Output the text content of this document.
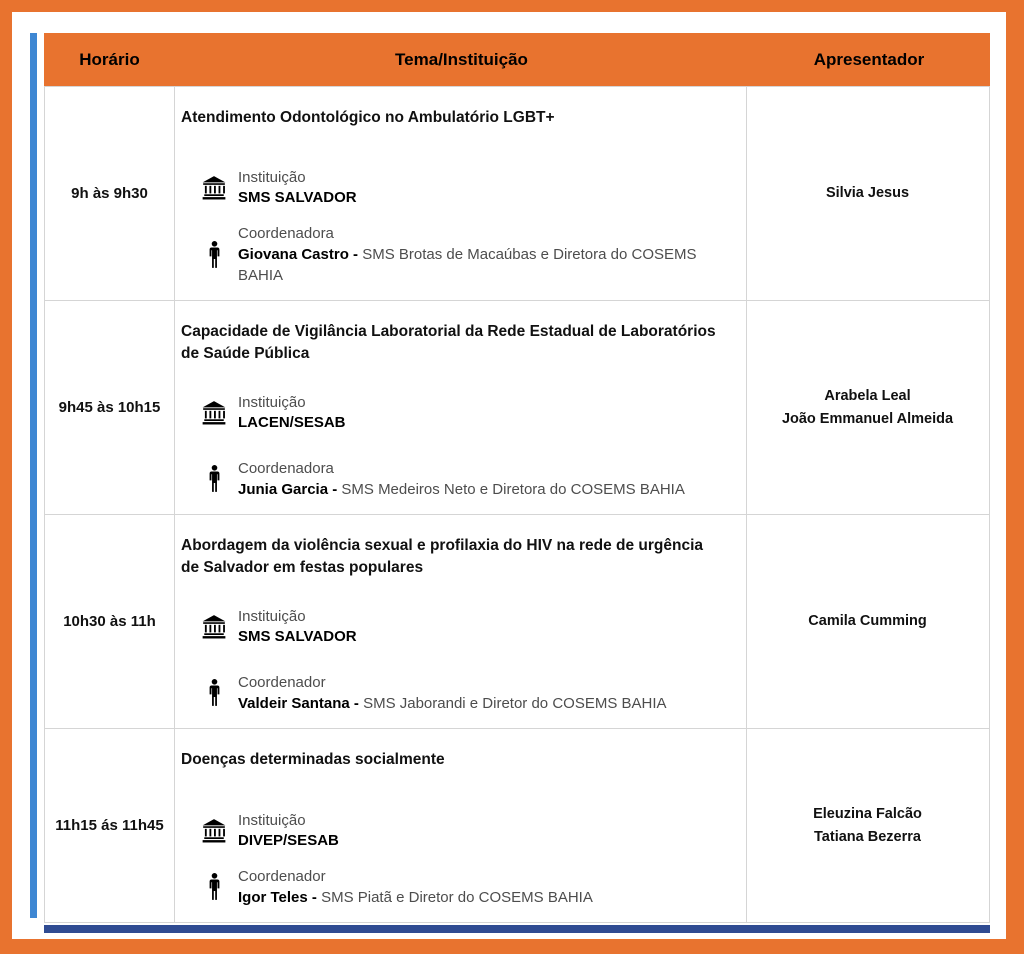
Horário	Tema/Instituição	Apresentador
9h às 9h30
Atendimento Odontológico no Ambulatório LGBT+
Instituição
SMS SALVADOR
Coordenadora
Giovana Castro - SMS Brotas de Macaúbas e Diretora do COSEMS BAHIA
Silvia Jesus
9h45 às 10h15
Capacidade de Vigilância Laboratorial da Rede Estadual de Laboratórios de Saúde Pública
Instituição
LACEN/SESAB
Coordenadora
Junia Garcia - SMS Medeiros Neto e Diretora do COSEMS BAHIA
Arabela Leal
João Emmanuel Almeida
10h30 às 11h
Abordagem da violência sexual e profilaxia do HIV na rede de urgência de Salvador em festas populares
Instituição
SMS SALVADOR
Coordenador
Valdeir Santana - SMS Jaborandi e Diretor do COSEMS BAHIA
Camila Cumming
11h15 ás 11h45
Doenças determinadas socialmente
Instituição
DIVEP/SESAB
Coordenador
Igor Teles - SMS Piatã e Diretor do COSEMS BAHIA
Eleuzina Falcão
Tatiana Bezerra
